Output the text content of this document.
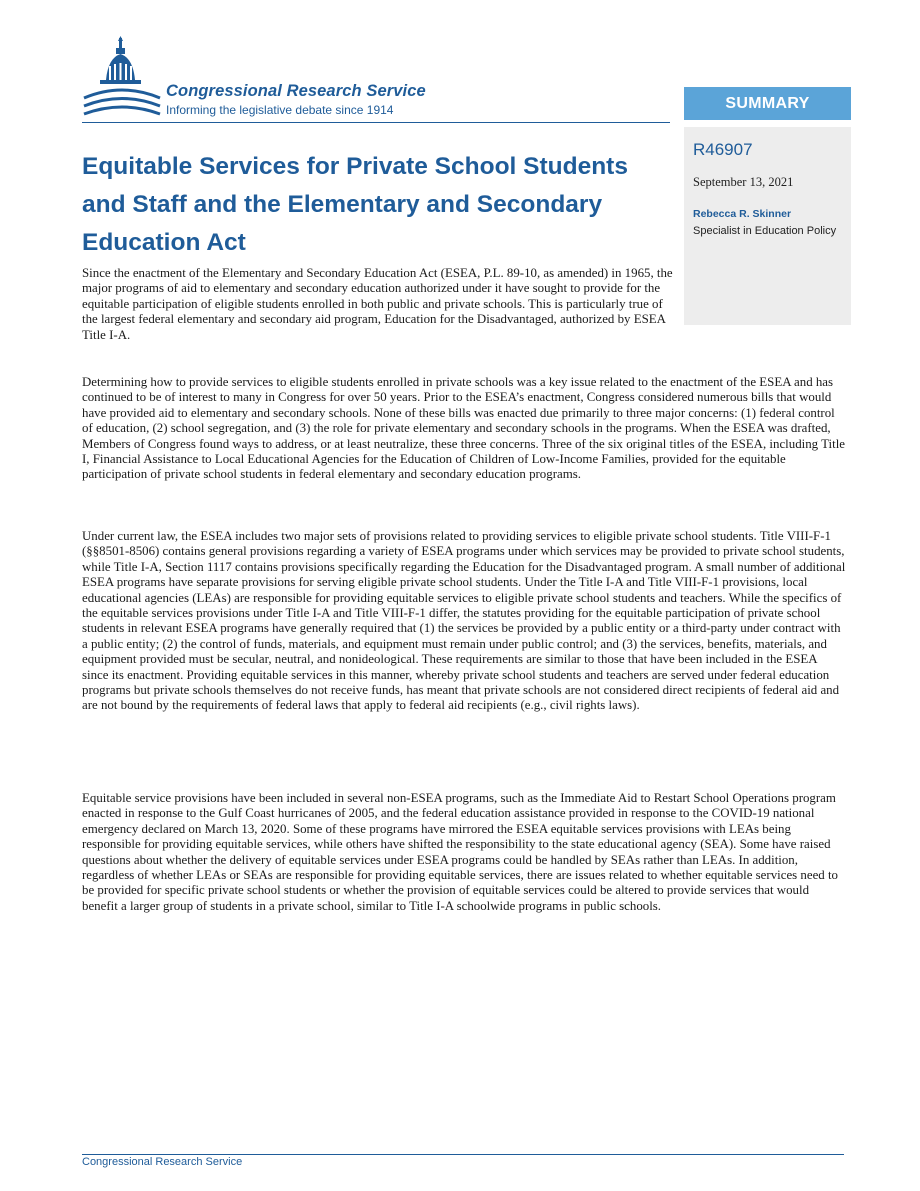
Congressional Research Service
Informing the legislative debate since 1914	SUMMARY
R46907
September 13, 2021
Rebecca R. Skinner
Specialist in Education Policy
Equitable Services for Private School Students and Staff and the Elementary and Secondary Education Act

Since the enactment of the Elementary and Secondary Education Act (ESEA, P.L. 89-10, as amended) in 1965, the major programs of aid to elementary and secondary education authorized under it have sought to provide for the equitable participation of eligible students enrolled in both public and private schools. This is particularly true of the largest federal elementary and secondary aid program, Education for the Disadvantaged, authorized by ESEA Title I-A.

Determining how to provide services to eligible students enrolled in private schools was a key issue related to the enactment of the ESEA and has continued to be of interest to many in Congress for over 50 years. Prior to the ESEA’s enactment, Congress considered numerous bills that would have provided aid to elementary and secondary schools. None of these bills was enacted due primarily to three major concerns: (1) federal control of education, (2) school segregation, and (3) the role for private elementary and secondary schools in the programs. When the ESEA was drafted, Members of Congress found ways to address, or at least neutralize, these three concerns. Three of the six original titles of the ESEA, including Title I, Financial Assistance to Local Educational Agencies for the Education of Children of Low-Income Families, provided for the equitable participation of private school students in federal elementary and secondary education programs.

Under current law, the ESEA includes two major sets of provisions related to providing services to eligible private school students. Title VIII-F-1 (§§8501-8506) contains general provisions regarding a variety of ESEA programs under which services may be provided to private school students, while Title I-A, Section 1117 contains provisions specifically regarding the Education for the Disadvantaged program. A small number of additional ESEA programs have separate provisions for serving eligible private school students. Under the Title I-A and Title VIII-F-1 provisions, local educational agencies (LEAs) are responsible for providing equitable services to eligible private school students and teachers. While the specifics of the equitable services provisions under Title I-A and Title VIII-F-1 differ, the statutes providing for the equitable participation of private school students in relevant ESEA programs have generally required that (1) the services be provided by a public entity or a third-party under contract with a public entity; (2) the control of funds, materials, and equipment must remain under public control; and (3) the services, benefits, materials, and equipment provided must be secular, neutral, and nonideological. These requirements are similar to those that have been included in the ESEA since its enactment. Providing equitable services in this manner, whereby private school students and teachers are served under federal education programs but private schools themselves do not receive funds, has meant that private schools are not considered direct recipients of federal aid and are not bound by the requirements of federal laws that apply to federal aid recipients (e.g., civil rights laws).

Equitable service provisions have been included in several non-ESEA programs, such as the Immediate Aid to Restart School Operations program enacted in response to the Gulf Coast hurricanes of 2005, and the federal education assistance provided in response to the COVID-19 national emergency declared on March 13, 2020. Some of these programs have mirrored the ESEA equitable services provisions with LEAs being responsible for providing equitable services, while others have shifted the responsibility to the state educational agency (SEA). Some have raised questions about whether the delivery of equitable services under ESEA programs could be handled by SEAs rather than LEAs. In addition, regardless of whether LEAs or SEAs are responsible for providing equitable services, there are issues related to whether equitable services need to be provided for specific private school students or whether the provision of equitable services could be altered to provide services that would benefit a larger group of students in a private school, similar to Title I-A schoolwide programs in public schools.

Congressional Research Service
